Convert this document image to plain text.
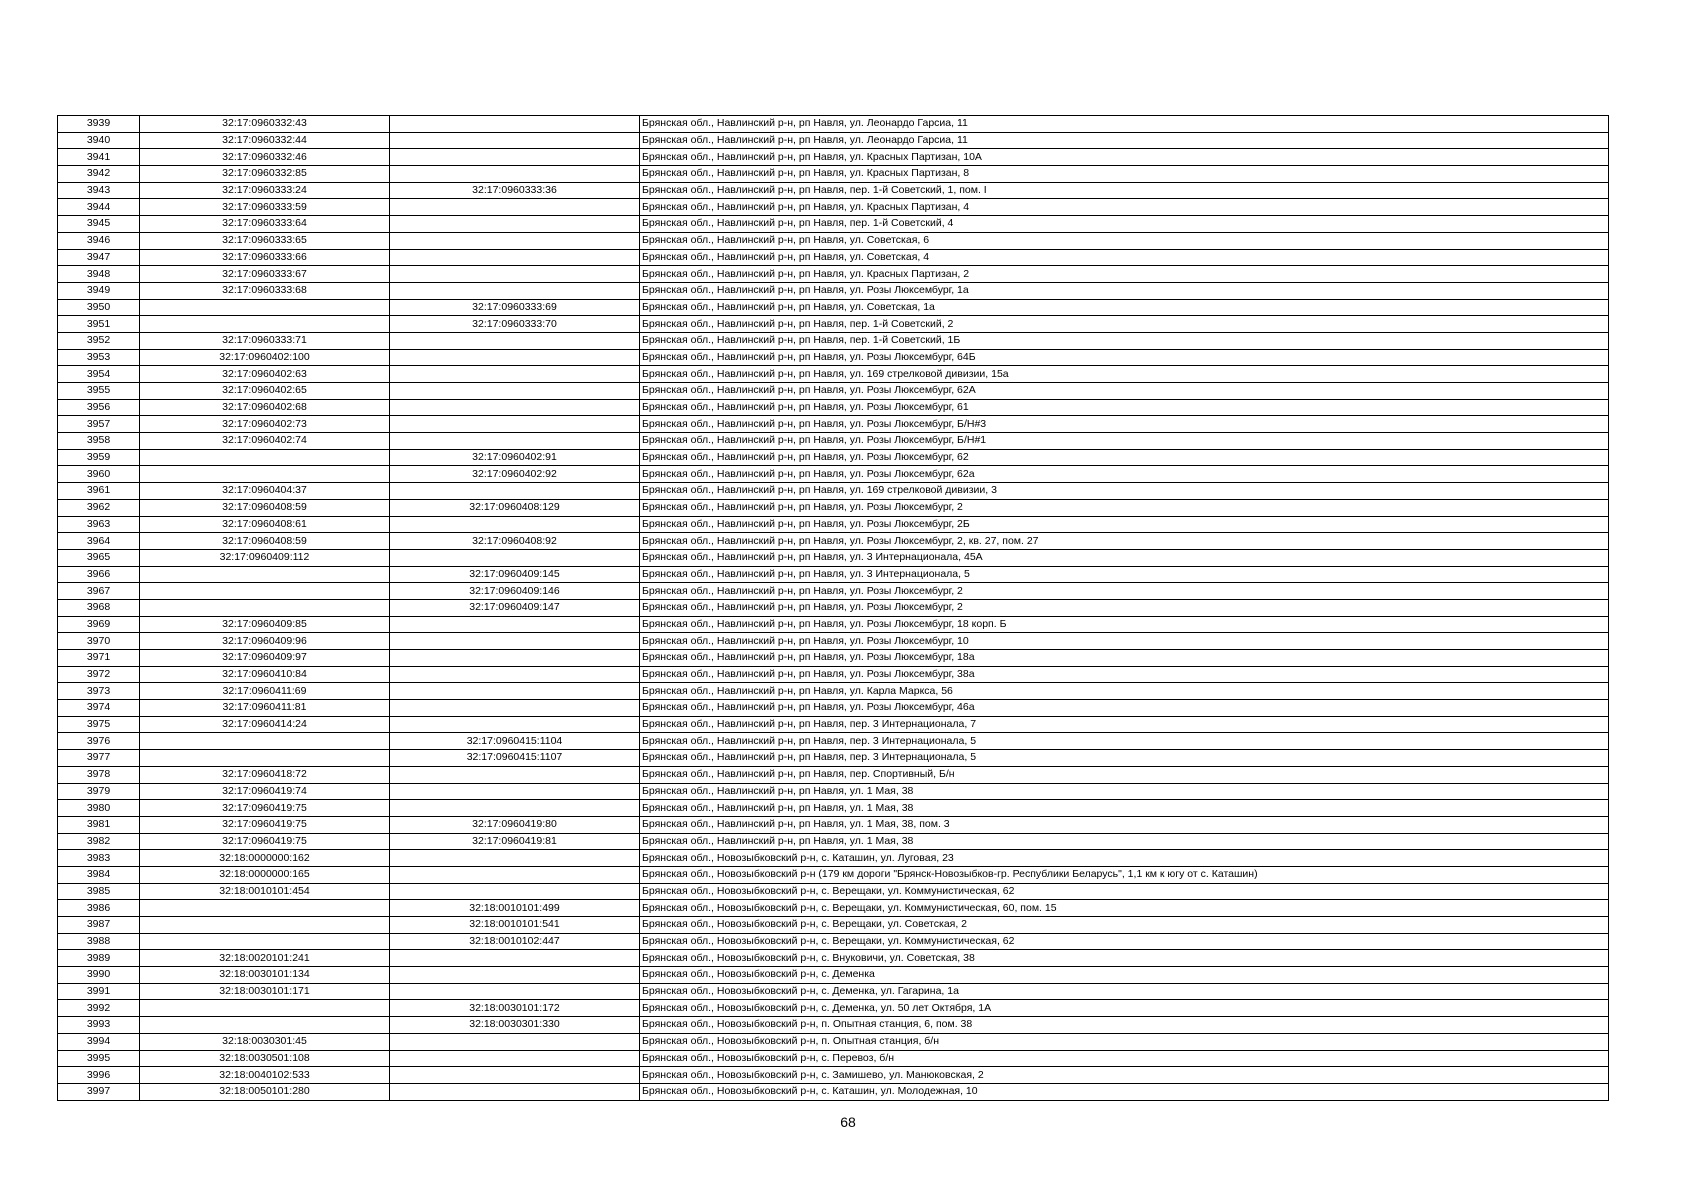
3939	32:17:0960332:43		Брянская обл., Навлинский р-н, рп Навля, ул. Леонардо Гарсиа, 11
3940	32:17:0960332:44		Брянская обл., Навлинский р-н, рп Навля, ул. Леонардо Гарсиа, 11
3941	32:17:0960332:46		Брянская обл., Навлинский р-н, рп Навля, ул. Красных Партизан, 10А
3942	32:17:0960332:85		Брянская обл., Навлинский р-н, рп Навля, ул. Красных Партизан, 8
3943	32:17:0960333:24	32:17:0960333:36	Брянская обл., Навлинский р-н, рп Навля, пер. 1-й Советский, 1, пом. I
3944	32:17:0960333:59		Брянская обл., Навлинский р-н, рп Навля, ул. Красных Партизан, 4
3945	32:17:0960333:64		Брянская обл., Навлинский р-н, рп Навля, пер. 1-й Советский, 4
3946	32:17:0960333:65		Брянская обл., Навлинский р-н, рп Навля, ул. Советская, 6
3947	32:17:0960333:66		Брянская обл., Навлинский р-н, рп Навля, ул. Советская, 4
3948	32:17:0960333:67		Брянская обл., Навлинский р-н, рп Навля, ул. Красных Партизан, 2
3949	32:17:0960333:68		Брянская обл., Навлинский р-н, рп Навля, ул. Розы Люксембург, 1а
3950		32:17:0960333:69	Брянская обл., Навлинский р-н, рп Навля, ул. Советская, 1а
3951		32:17:0960333:70	Брянская обл., Навлинский р-н, рп Навля, пер. 1-й Советский, 2
3952	32:17:0960333:71		Брянская обл., Навлинский р-н, рп Навля, пер. 1-й Советский, 1Б
3953	32:17:0960402:100		Брянская обл., Навлинский р-н, рп Навля, ул. Розы Люксембург, 64Б
3954	32:17:0960402:63		Брянская обл., Навлинский р-н, рп Навля, ул. 169 стрелковой дивизии, 15а
3955	32:17:0960402:65		Брянская обл., Навлинский р-н, рп Навля, ул. Розы Люксембург, 62А
3956	32:17:0960402:68		Брянская обл., Навлинский р-н, рп Навля, ул. Розы Люксембург, 61
3957	32:17:0960402:73		Брянская обл., Навлинский р-н, рп Навля, ул. Розы Люксембург, Б/Н#3
3958	32:17:0960402:74		Брянская обл., Навлинский р-н, рп Навля, ул. Розы Люксембург, Б/Н#1
3959		32:17:0960402:91	Брянская обл., Навлинский р-н, рп Навля, ул. Розы Люксембург, 62
3960		32:17:0960402:92	Брянская обл., Навлинский р-н, рп Навля, ул. Розы Люксембург, 62а
3961	32:17:0960404:37		Брянская обл., Навлинский р-н, рп Навля, ул. 169 стрелковой дивизии, 3
3962	32:17:0960408:59	32:17:0960408:129	Брянская обл., Навлинский р-н, рп Навля, ул. Розы Люксембург, 2
3963	32:17:0960408:61		Брянская обл., Навлинский р-н, рп Навля, ул. Розы Люксембург, 2Б
3964	32:17:0960408:59	32:17:0960408:92	Брянская обл., Навлинский р-н, рп Навля, ул. Розы Люксембург, 2, кв. 27, пом. 27
3965	32:17:0960409:112		Брянская обл., Навлинский р-н, рп Навля, ул. 3 Интернационала, 45А
3966		32:17:0960409:145	Брянская обл., Навлинский р-н, рп Навля, ул. 3 Интернационала, 5
3967		32:17:0960409:146	Брянская обл., Навлинский р-н, рп Навля, ул. Розы Люксембург, 2
3968		32:17:0960409:147	Брянская обл., Навлинский р-н, рп Навля, ул. Розы Люксембург, 2
3969	32:17:0960409:85		Брянская обл., Навлинский р-н, рп Навля, ул. Розы Люксембург, 18 корп. Б
3970	32:17:0960409:96		Брянская обл., Навлинский р-н, рп Навля, ул. Розы Люксембург, 10
3971	32:17:0960409:97		Брянская обл., Навлинский р-н, рп Навля, ул. Розы Люксембург, 18а
3972	32:17:0960410:84		Брянская обл., Навлинский р-н, рп Навля, ул. Розы Люксембург, 38а
3973	32:17:0960411:69		Брянская обл., Навлинский р-н, рп Навля, ул. Карла Маркса, 56
3974	32:17:0960411:81		Брянская обл., Навлинский р-н, рп Навля, ул. Розы Люксембург, 46а
3975	32:17:0960414:24		Брянская обл., Навлинский р-н, рп Навля, пер. 3 Интернационала, 7
3976		32:17:0960415:1104	Брянская обл., Навлинский р-н, рп Навля, пер. 3 Интернационала, 5
3977		32:17:0960415:1107	Брянская обл., Навлинский р-н, рп Навля, пер. 3 Интернационала, 5
3978	32:17:0960418:72		Брянская обл., Навлинский р-н, рп Навля, пер. Спортивный, Б/н
3979	32:17:0960419:74		Брянская обл., Навлинский р-н, рп Навля, ул. 1 Мая, 38
3980	32:17:0960419:75		Брянская обл., Навлинский р-н, рп Навля, ул. 1 Мая, 38
3981	32:17:0960419:75	32:17:0960419:80	Брянская обл., Навлинский р-н, рп Навля, ул. 1 Мая, 38, пом. 3
3982	32:17:0960419:75	32:17:0960419:81	Брянская обл., Навлинский р-н, рп Навля, ул. 1 Мая, 38
3983	32:18:0000000:162		Брянская обл., Новозыбковский р-н, с. Каташин, ул. Луговая, 23
3984	32:18:0000000:165		Брянская обл., Новозыбковский р-н (179 км дороги "Брянск-Новозыбков-гр. Республики Беларусь", 1,1 км к югу от с. Каташин)
3985	32:18:0010101:454		Брянская обл., Новозыбковский р-н, с. Верещаки, ул. Коммунистическая, 62
3986		32:18:0010101:499	Брянская обл., Новозыбковский р-н, с. Верещаки, ул. Коммунистическая, 60, пом. 15
3987		32:18:0010101:541	Брянская обл., Новозыбковский р-н, с. Верещаки, ул. Советская, 2
3988		32:18:0010102:447	Брянская обл., Новозыбковский р-н, с. Верещаки, ул. Коммунистическая, 62
3989	32:18:0020101:241		Брянская обл., Новозыбковский р-н, с. Внуковичи, ул. Советская, 38
3990	32:18:0030101:134		Брянская обл., Новозыбковский р-н, с. Деменка
3991	32:18:0030101:171		Брянская обл., Новозыбковский р-н, с. Деменка, ул. Гагарина, 1а
3992		32:18:0030101:172	Брянская обл., Новозыбковский р-н, с. Деменка, ул. 50 лет Октября, 1А
3993		32:18:0030301:330	Брянская обл., Новозыбковский р-н, п. Опытная станция, 6, пом. 38
3994	32:18:0030301:45		Брянская обл., Новозыбковский р-н, п. Опытная станция, б/н
3995	32:18:0030501:108		Брянская обл., Новозыбковский р-н, с. Перевоз, б/н
3996	32:18:0040102:533		Брянская обл., Новозыбковский р-н, с. Замишево, ул. Манюковская, 2
3997	32:18:0050101:280		Брянская обл., Новозыбковский р-н, с. Каташин, ул. Молодежная, 10
68
